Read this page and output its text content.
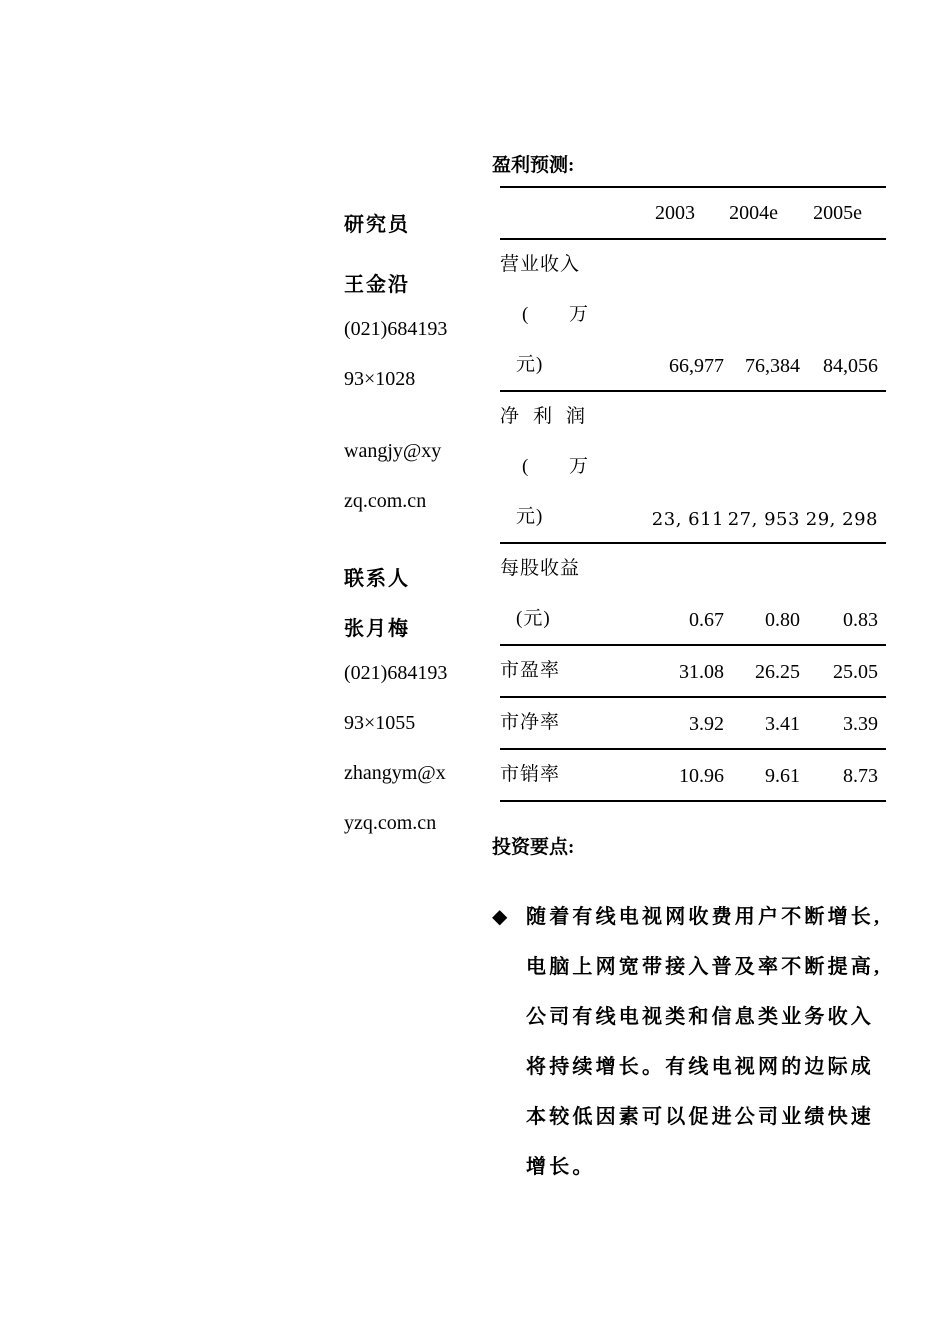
研究员
王金沿
(021)684193
93×1028
wangjy@xy
zq.com.cn
联系人
张月梅
(021)684193
93×1055
zhangym@x
yzq.com.cn
盈利预测:
	2003	2004e	2005e

营业收入
( 万
元)	66,977	76,384	84,056

净利润
( 万
元)	23, 611	27, 953	29, 298

每股收益
(元)	0.67	0.80	0.83
市盈率	31.08	26.25	25.05
市净率	3.92	3.41	3.39
市销率	10.96	9.61	8.73
投资要点:
◆ 随着有线电视网收费用户不断增长,电脑上网宽带接入普及率不断提高,公司有线电视类和信息类业务收入将持续增长。有线电视网的边际成本较低因素可以促进公司业绩快速增长。
